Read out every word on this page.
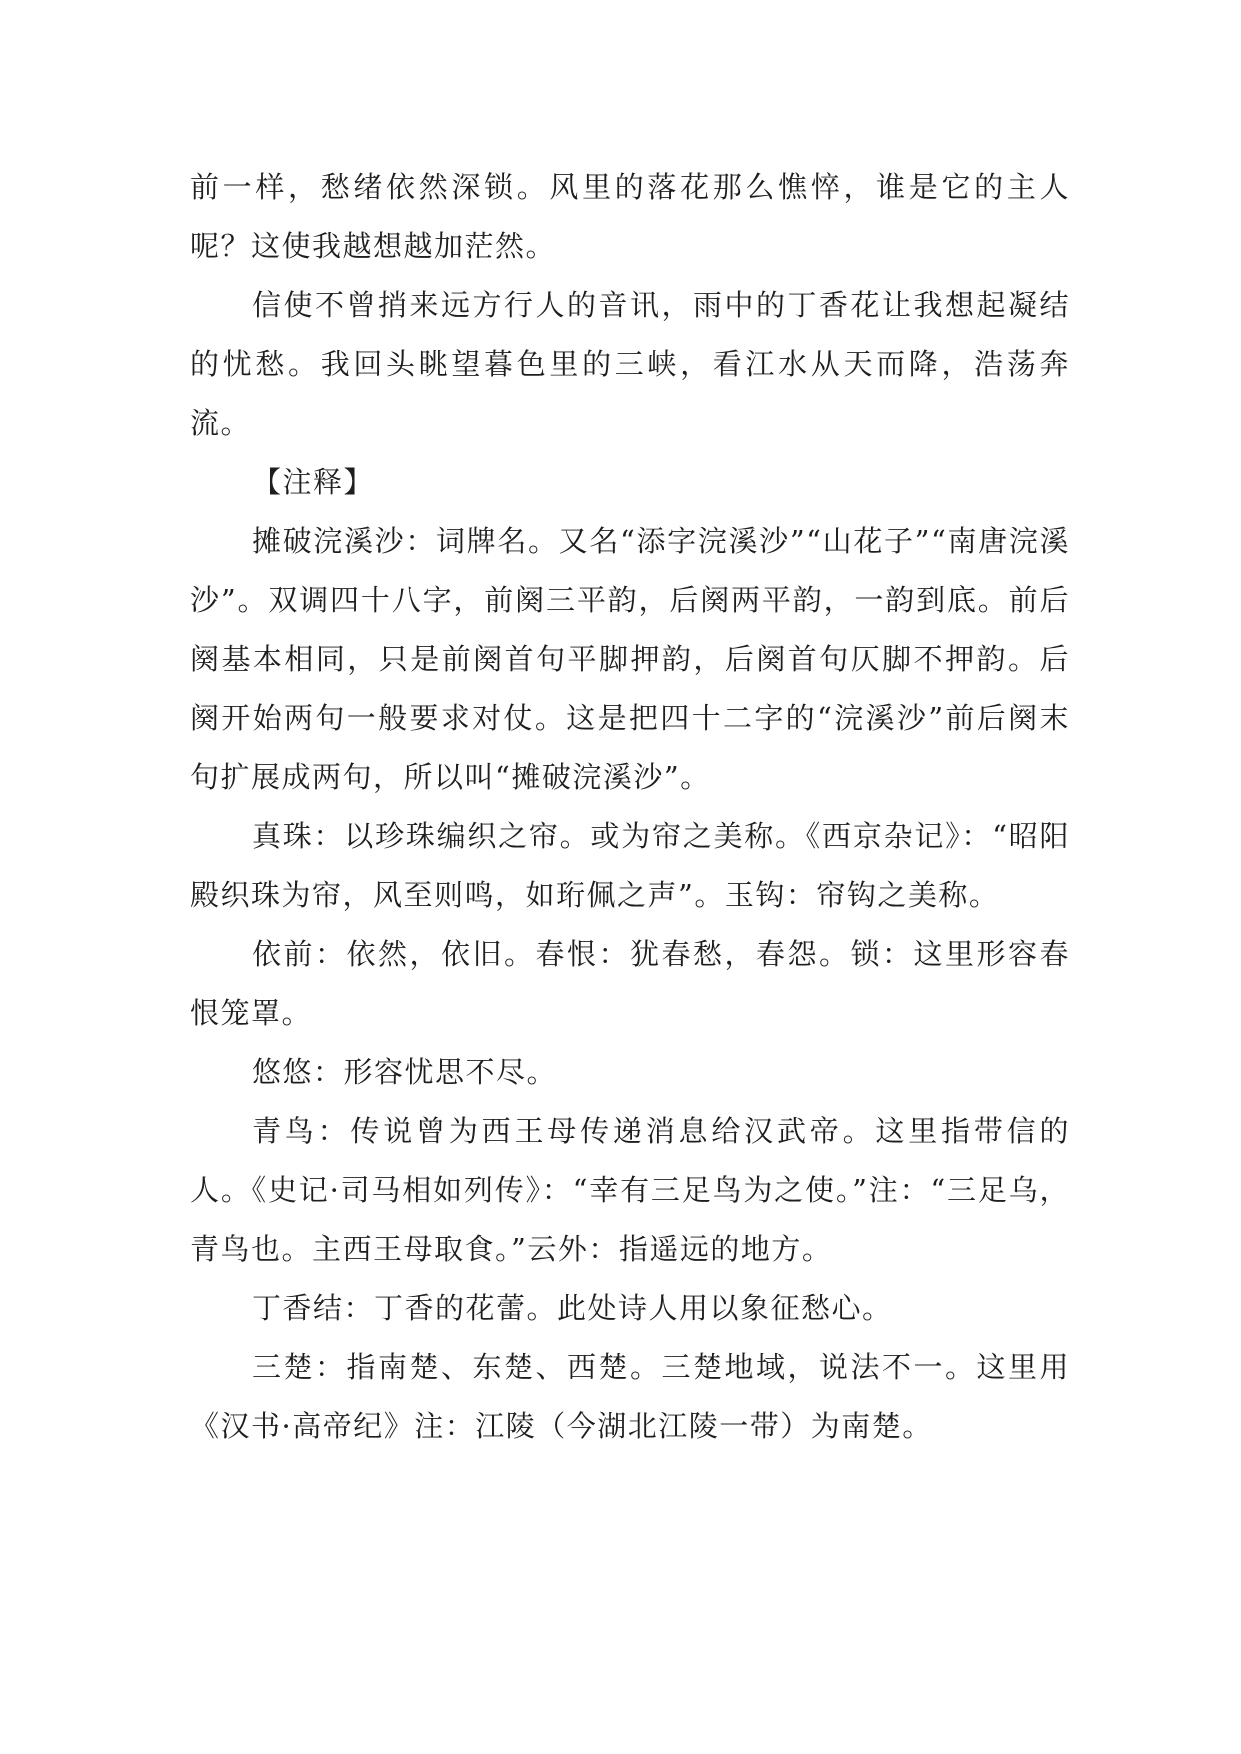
前一样，愁绪依然深锁。风里的落花那么憔悴，谁是它的主人呢？这使我越想越加茫然。

信使不曾捎来远方行人的音讯，雨中的丁香花让我想起凝结的忧愁。我回头眺望暮色里的三峡，看江水从天而降，浩荡奔流。

【注释】

摊破浣溪沙：词牌名。又名“添字浣溪沙”“山花子”“南唐浣溪沙”。双调四十八字，前阕三平韵，后阕两平韵，一韵到底。前后阕基本相同，只是前阕首句平脚押韵，后阕首句仄脚不押韵。后阕开始两句一般要求对仗。这是把四十二字的“浣溪沙”前后阕末句扩展成两句，所以叫“摊破浣溪沙”。

真珠：以珍珠编织之帘。或为帘之美称。《西京杂记》：“昭阳殿织珠为帘，风至则鸣，如珩佩之声”。玉钩：帘钩之美称。

依前：依然，依旧。春恨：犹春愁，春怨。锁：这里形容春恨笼罩。

悠悠：形容忧思不尽。

青鸟：传说曾为西王母传递消息给汉武帝。这里指带信的人。《史记·司马相如列传》：“幸有三足鸟为之使。”注：“三足乌，青鸟也。主西王母取食。”云外：指遥远的地方。

丁香结：丁香的花蕾。此处诗人用以象征愁心。

三楚：指南楚、东楚、西楚。三楚地域，说法不一。这里用《汉书·高帝纪》注：江陵（今湖北江陵一带）为南楚。
